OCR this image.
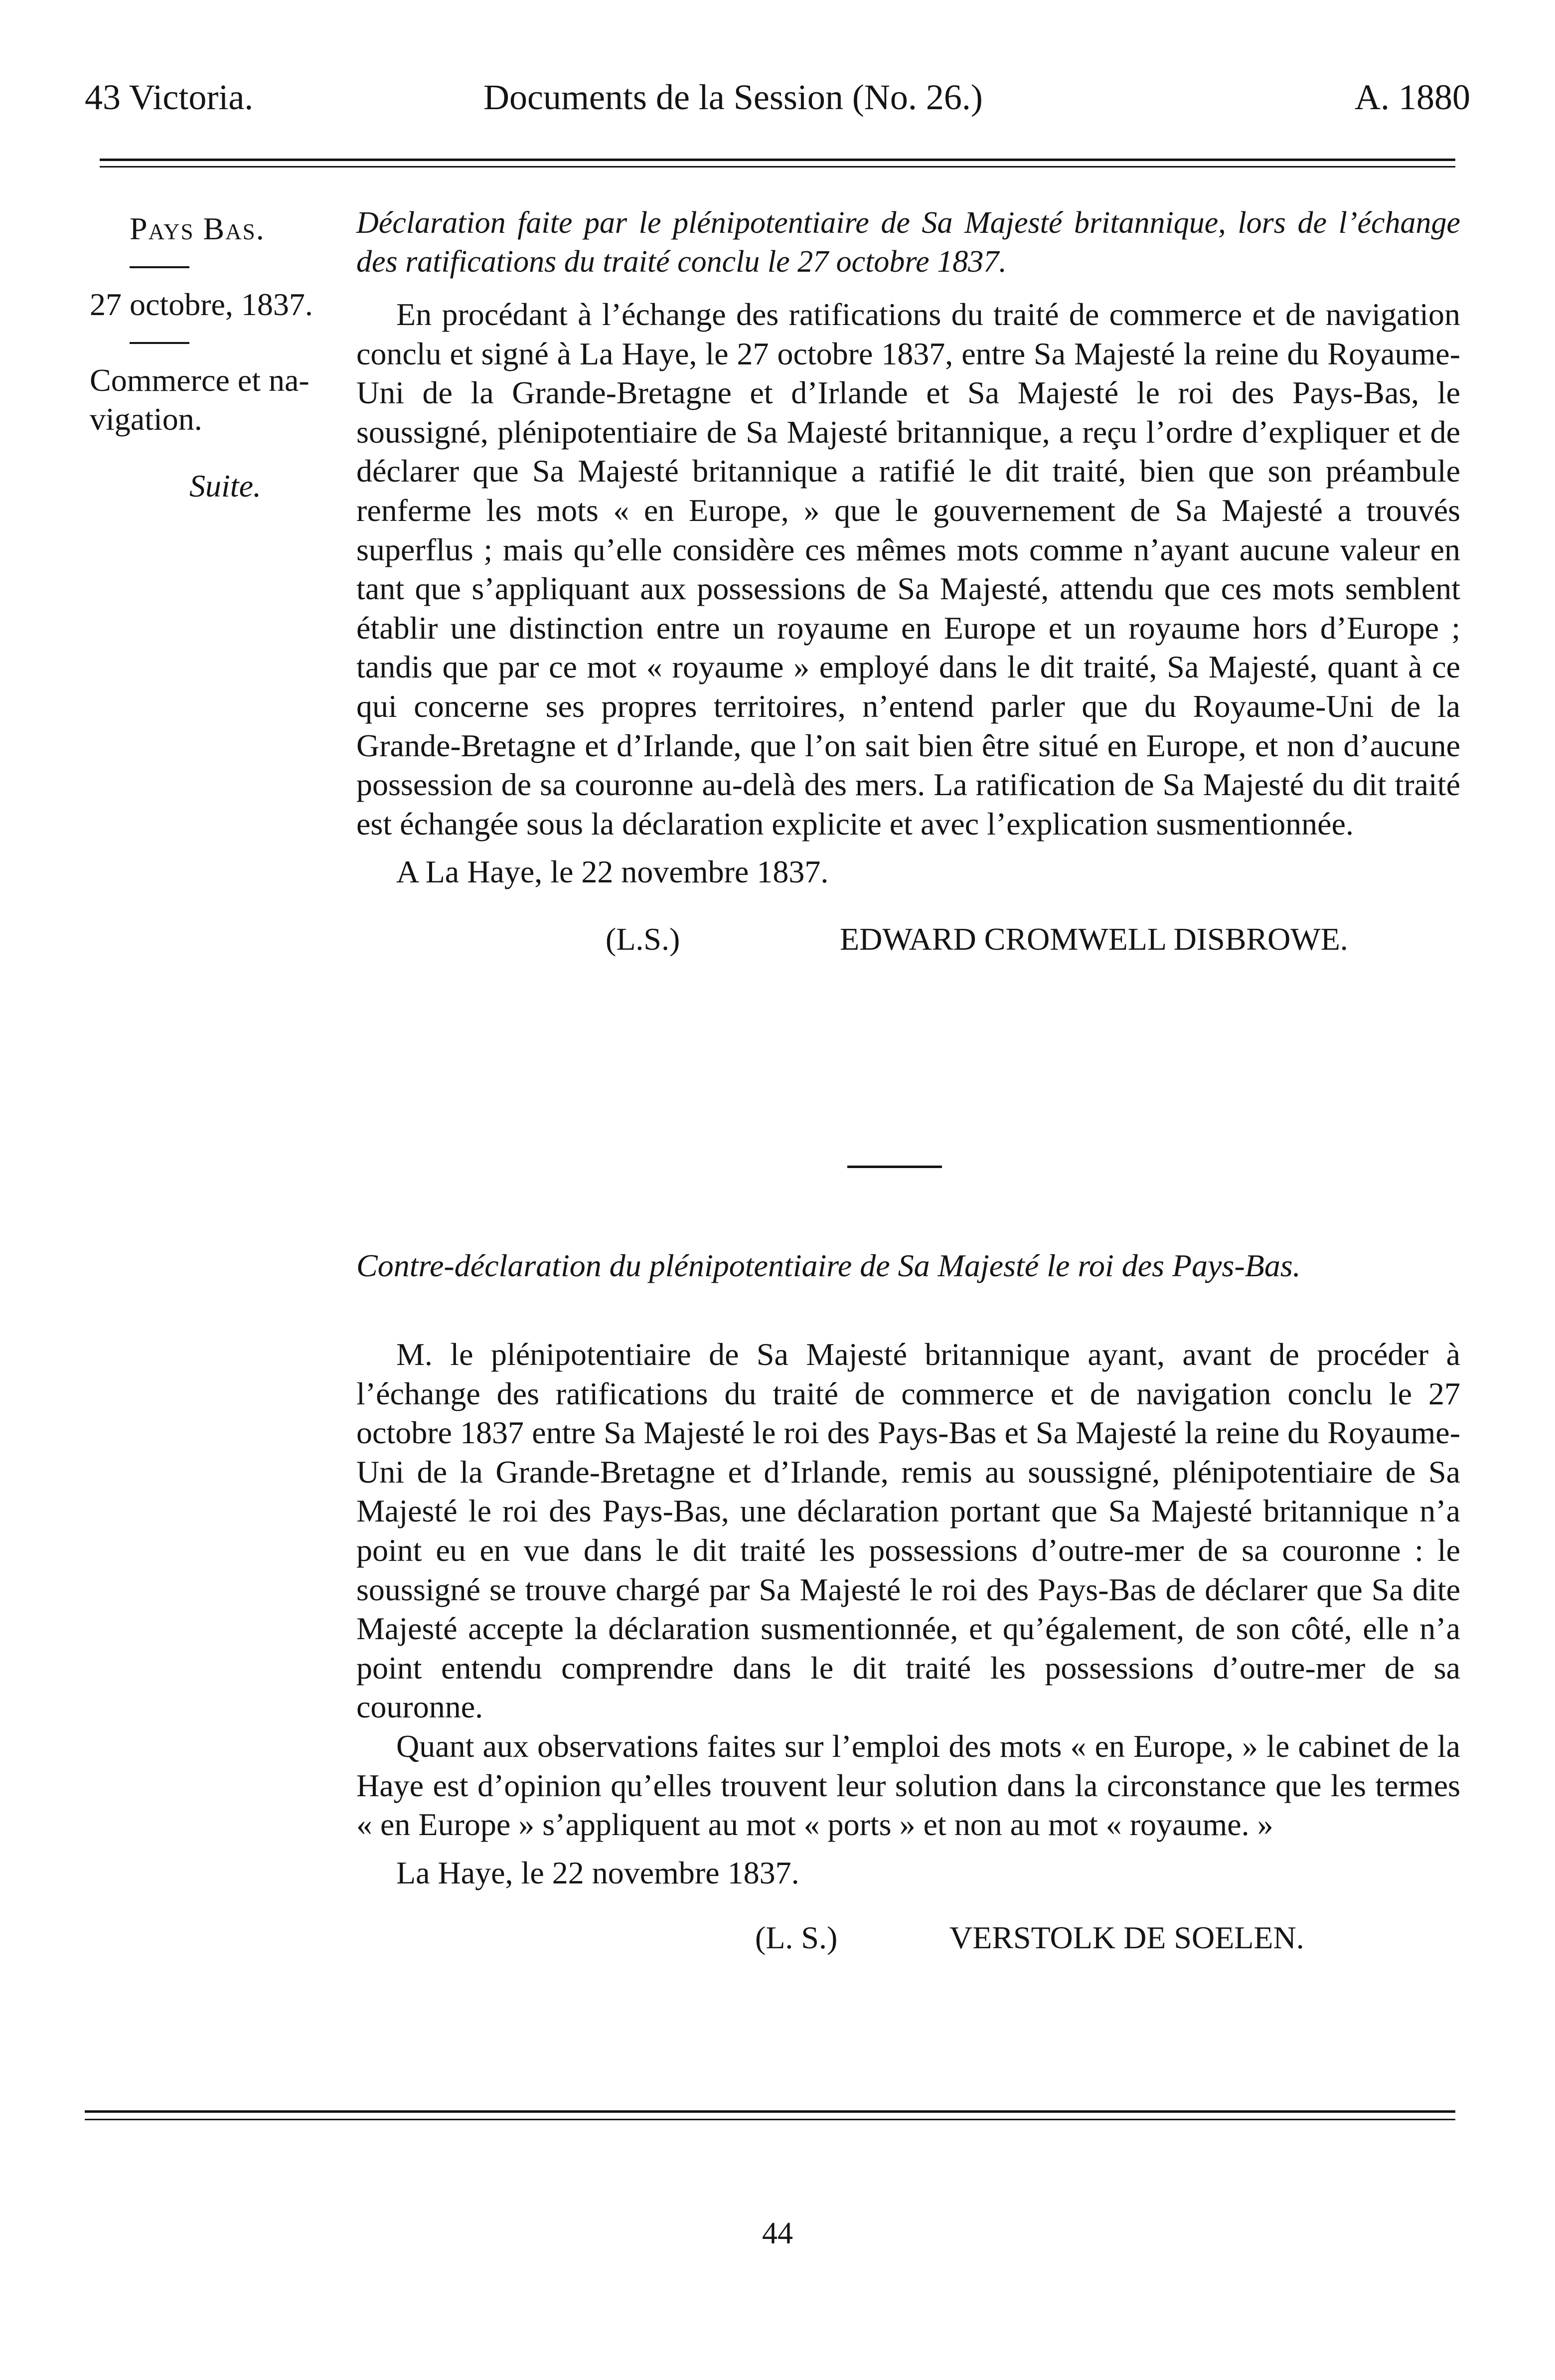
43 Victoria.	Documents de la Session (No. 26.)	A. 1880
Pays Bas.
27 octobre, 1837.
Commerce et na- vigation.
Suite.

Déclaration faite par le plénipotentiaire de Sa Majesté britannique, lors de l’échange des ratifications du traité conclu le 27 octobre 1837.

En procédant à l’échange des ratifications du traité de commerce et de navigation conclu et signé à La Haye, le 27 octobre 1837, entre Sa Majesté la reine du Royaume-Uni de la Grande-Bretagne et d’Irlande et Sa Majesté le roi des Pays-Bas, le soussigné, plénipotentiaire de Sa Majesté britannique, a reçu l’ordre d’expliquer et de déclarer que Sa Majesté britannique a ratifié le dit traité, bien que son préambule renferme les mots « en Europe, » que le gouvernement de Sa Majesté a trouvés superflus ; mais qu’elle considère ces mêmes mots comme n’ayant aucune valeur en tant que s’appliquant aux possessions de Sa Majesté, attendu que ces mots semblent établir une distinction entre un royaume en Europe et un royaume hors d’Europe ; tandis que par ce mot « royaume » employé dans le dit traité, Sa Majesté, quant à ce qui concerne ses propres territoires, n’entend parler que du Royaume-Uni de la Grande-Bretagne et d’Irlande, que l’on sait bien être situé en Europe, et non d’aucune possession de sa couronne au-delà des mers. La ratification de Sa Majesté du dit traité est échangée sous la déclaration explicite et avec l’explication susmentionnée.

A La Haye, le 22 novembre 1837.

(L.S.)	EDWARD CROMWELL DISBROWE.

Contre-déclaration du plénipotentiaire de Sa Majesté le roi des Pays-Bas.

M. le plénipotentiaire de Sa Majesté britannique ayant, avant de procéder à l’échange des ratifications du traité de commerce et de navigation conclu le 27 octobre 1837 entre Sa Majesté le roi des Pays-Bas et Sa Majesté la reine du Royaume-Uni de la Grande-Bretagne et d’Irlande, remis au soussigné, plénipotentiaire de Sa Majesté le roi des Pays-Bas, une déclaration portant que Sa Majesté britannique n’a point eu en vue dans le dit traité les possessions d’outre-mer de sa couronne : le soussigné se trouve chargé par Sa Majesté le roi des Pays-Bas de déclarer que Sa dite Majesté accepte la déclaration susmentionnée, et qu’également, de son côté, elle n’a point entendu comprendre dans le dit traité les possessions d’outre-mer de sa couronne.

Quant aux observations faites sur l’emploi des mots « en Europe, » le cabinet de la Haye est d’opinion qu’elles trouvent leur solution dans la circonstance que les termes « en Europe » s’appliquent au mot « ports » et non au mot « royaume. »

La Haye, le 22 novembre 1837.

(L. S.)	VERSTOLK DE SOELEN.

44
